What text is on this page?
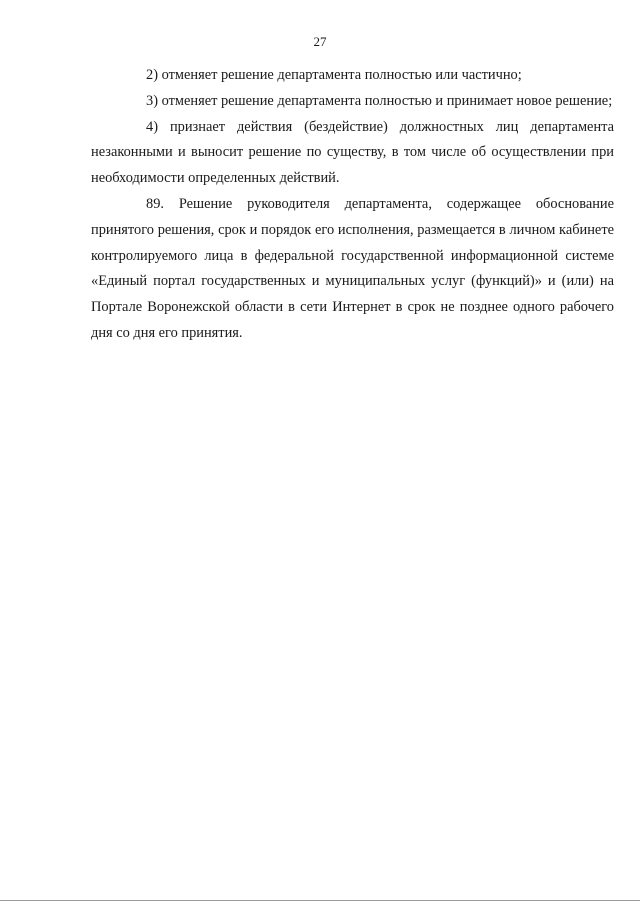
27

2) отменяет решение департамента полностью или частично;

3) отменяет решение департамента полностью и принимает новое решение;

4) признает действия (бездействие) должностных лиц департамента незаконными и выносит решение по существу, в том числе об осуществлении при необходимости определенных действий.

89. Решение руководителя департамента, содержащее обоснование принятого решения, срок и порядок его исполнения, размещается в личном кабинете контролируемого лица в федеральной государственной информационной системе «Единый портал государственных и муниципальных услуг (функций)» и (или) на Портале Воронежской области в сети Интернет в срок не позднее одного рабочего дня со дня его принятия.
